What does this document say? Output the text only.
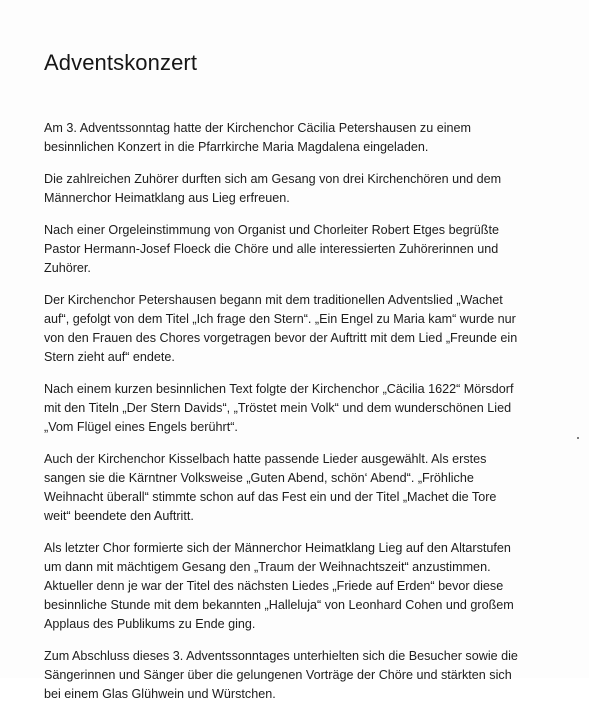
Adventskonzert

Am 3. Adventssonntag hatte der Kirchenchor Cäcilia Petershausen zu einem
besinnlichen Konzert in die Pfarrkirche Maria Magdalena eingeladen.

Die zahlreichen Zuhörer durften sich am Gesang von drei Kirchenchören und dem
Männerchor Heimatklang aus Lieg erfreuen.

Nach einer Orgeleinstimmung von Organist und Chorleiter Robert Etges begrüßte
Pastor Hermann-Josef Floeck die Chöre und alle interessierten Zuhörerinnen und
Zuhörer.

Der Kirchenchor Petershausen begann mit dem traditionellen Adventslied „Wachet
auf“, gefolgt von dem Titel „Ich frage den Stern“. „Ein Engel zu Maria kam“ wurde nur
von den Frauen des Chores vorgetragen bevor der Auftritt mit dem Lied „Freunde ein
Stern zieht auf“ endete.

Nach einem kurzen besinnlichen Text folgte der Kirchenchor „Cäcilia 1622“ Mörsdorf
mit den Titeln „Der Stern Davids“, „Tröstet mein Volk“ und dem wunderschönen Lied
„Vom Flügel eines Engels berührt“.

Auch der Kirchenchor Kisselbach hatte passende Lieder ausgewählt. Als erstes
sangen sie die Kärntner Volksweise „Guten Abend, schön‘ Abend“. „Fröhliche
Weihnacht überall“ stimmte schon auf das Fest ein und der Titel „Machet die Tore
weit“ beendete den Auftritt.

Als letzter Chor formierte sich der Männerchor Heimatklang Lieg auf den Altarstufen
um dann mit mächtigem Gesang den „Traum der Weihnachtszeit“ anzustimmen.
Aktueller denn je war der Titel des nächsten Liedes „Friede auf Erden“ bevor diese
besinnliche Stunde mit dem bekannten „Halleluja“ von Leonhard Cohen und großem
Applaus des Publikums zu Ende ging.

Zum Abschluss dieses 3. Adventssonntages unterhielten sich die Besucher sowie die
Sängerinnen und Sänger über die gelungenen Vorträge der Chöre und stärkten sich
bei einem Glas Glühwein und Würstchen.
